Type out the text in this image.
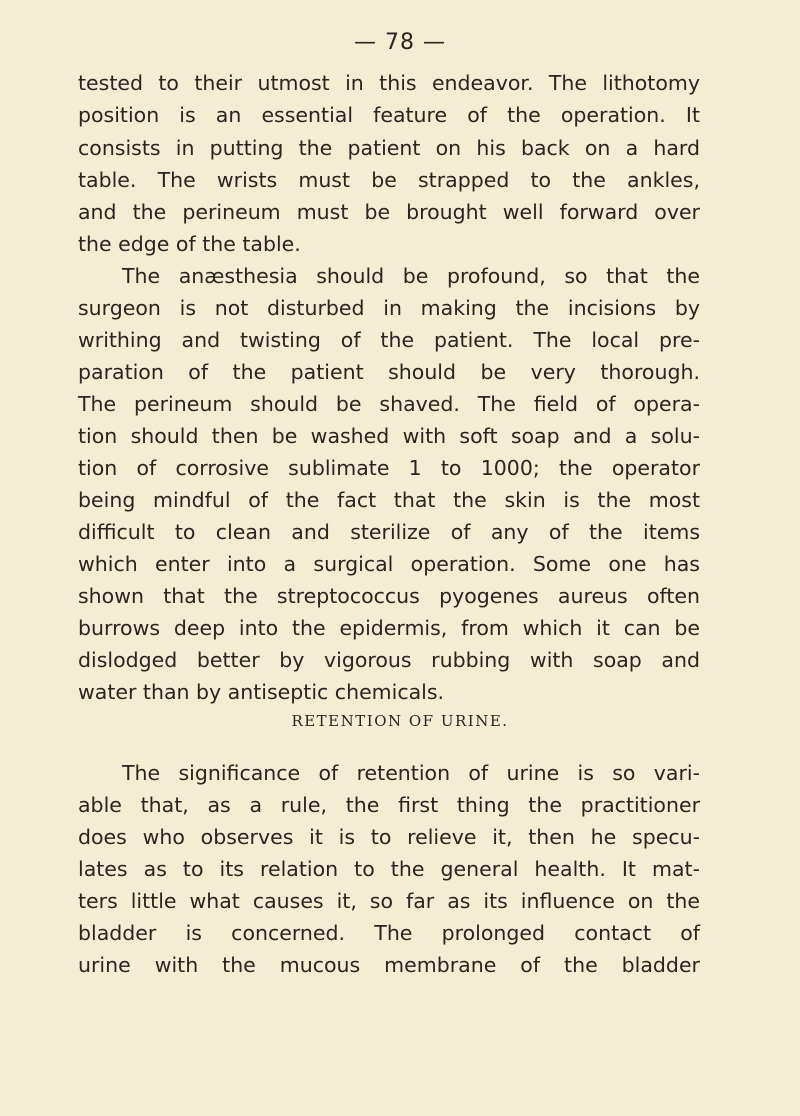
— 78 —
tested to their utmost in this endeavor. The lithotomy
position is an essential feature of the operation. It
consists in putting the patient on his back on a hard
table. The wrists must be strapped to the ankles,
and the perineum must be brought well forward over
the edge of the table.
The anæsthesia should be profound, so that the
surgeon is not disturbed in making the incisions by
writhing and twisting of the patient. The local pre-
paration of the patient should be very thorough.
The perineum should be shaved. The field of opera-
tion should then be washed with soft soap and a solu-
tion of corrosive sublimate 1 to 1000; the operator
being mindful of the fact that the skin is the most
difficult to clean and sterilize of any of the items
which enter into a surgical operation. Some one has
shown that the streptococcus pyogenes aureus often
burrows deep into the epidermis, from which it can be
dislodged better by vigorous rubbing with soap and
water than by antiseptic chemicals.
RETENTION OF URINE.
The significance of retention of urine is so vari-
able that, as a rule, the first thing the practitioner
does who observes it is to relieve it, then he specu-
lates as to its relation to the general health. It mat-
ters little what causes it, so far as its influence on the
bladder is concerned. The prolonged contact of
urine with the mucous membrane of the bladder
